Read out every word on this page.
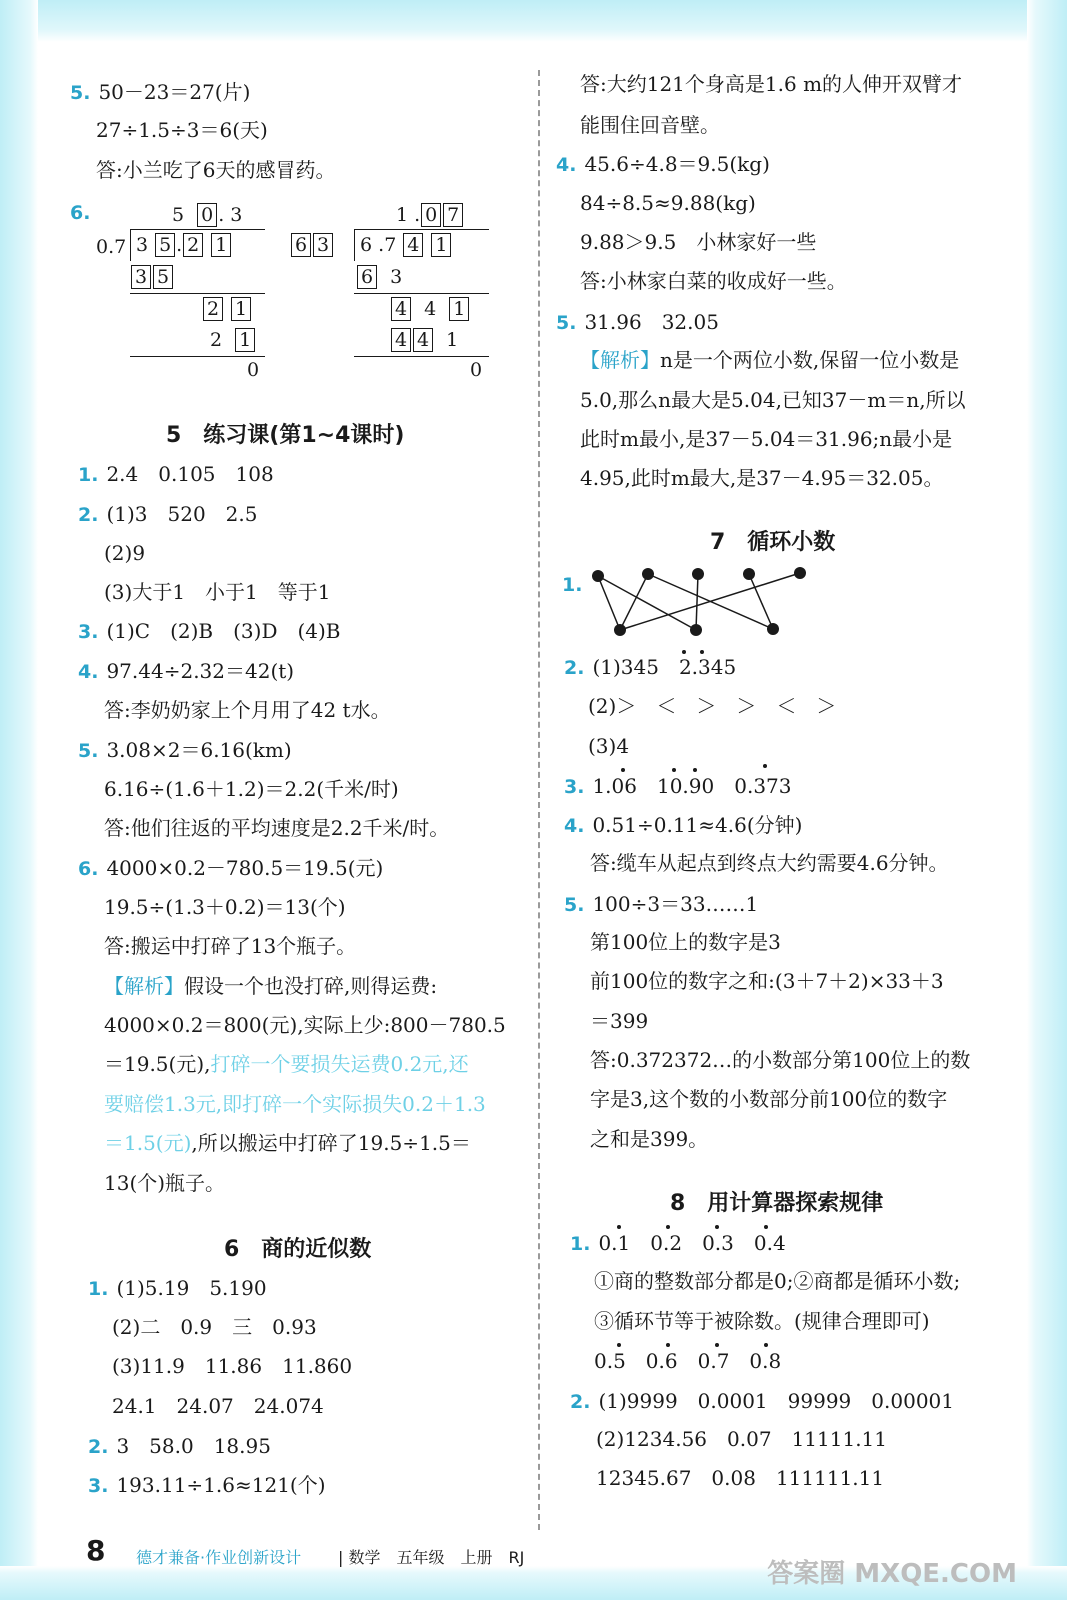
5. 50－23＝27(片)
27÷1.5÷3＝6(天)
答:小兰吃了6天的感冒药。
6.	5 0 . 3
0.7 3 5 . 2 1
3 5
2 1
2 1
0
1 . 0 7
6 3 6 .7 4 1
6 3
4 4 1
4 4 1
0
5　练习课(第1~4课时)
1. 2.4　0.105　108
2. (1)3　520　2.5
(2)9
(3)大于1　小于1　等于1
3. (1)C　(2)B　(3)D　(4)B
4. 97.44÷2.32＝42(t)
答:李奶奶家上个月用了42 t水。
5. 3.08×2＝6.16(km)
6.16÷(1.6＋1.2)＝2.2(千米/时)
答:他们往返的平均速度是2.2千米/时。
6. 4000×0.2－780.5＝19.5(元)
19.5÷(1.3＋0.2)＝13(个)
答:搬运中打碎了13个瓶子。
【解析】假设一个也没打碎,则得运费:
4000×0.2＝800(元),实际上少:800－780.5
＝19.5(元),打碎一个要损失运费0.2元,还
要赔偿1.3元,即打碎一个实际损失0.2＋1.3
＝1.5(元),所以搬运中打碎了19.5÷1.5＝
13(个)瓶子。
6　商的近似数
1. (1)5.19　5.190
(2)二　0.9　三　0.93
(3)11.9　11.86　11.860
24.1　24.07　24.074
2. 3　58.0　18.95
3. 193.11÷1.6≈121(个)
答:大约121个身高是1.6 m的人伸开双臂才
能围住回音壁。
4. 45.6÷4.8＝9.5(kg)
84÷8.5≈9.88(kg)
9.88＞9.5　小林家好一些
答:小林家白菜的收成好一些。
5. 31.96　32.05
【解析】n是一个两位小数,保留一位小数是
5.0,那么n最大是5.04,已知37－m＝n,所以
此时m最小,是37－5.04＝31.96;n最小是
4.95,此时m最大,是37－4.95＝32.05。
7　循环小数
1.
2. (1)345　2.345
(2)＞　＜　＞　＞　＜　＞
(3)4
3. 1.06　10.90　0.373
4. 0.51÷0.11≈4.6(分钟)
答:缆车从起点到终点大约需要4.6分钟。
5. 100÷3＝33……1
第100位上的数字是3
前100位的数字之和:(3＋7＋2)×33＋3
＝399
答:0.372372…的小数部分第100位上的数
字是3,这个数的小数部分前100位的数字
之和是399。
8　用计算器探索规律
1. 0.1　0.2　0.3　0.4
①商的整数部分都是0;②商都是循环小数;
③循环节等于被除数。(规律合理即可)
0.5　0.6　0.7　0.8
2. (1)9999　0.0001　99999　0.00001
(2)1234.56　0.07　11111.11
12345.67　0.08　111111.11
8 德才兼备·作业创新设计 | 数学　五年级　上册　RJ
答案圈 MXQE.COM
